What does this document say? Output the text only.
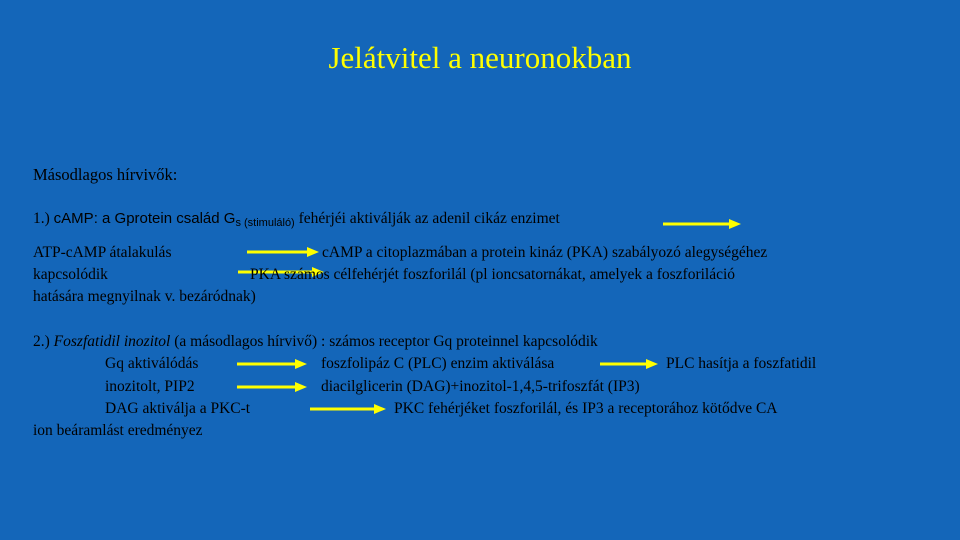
Jelátvitel a neuronokban
Másodlagos hírvivők:
1.) cAMP: a Gprotein család $G_{s (stimuláló)}$ fehérjéi aktiválják az adenil cikáz enzimet
ATP-cAMP átalakulás	cAMP a citoplazmában a protein kináz (PKA) szabályozó alegységéhez
kapcsolódik	PKA számos célfehérjét foszforilál (pl ioncsatornákat, amelyek a foszforiláció
hatására megnyilnak v. bezáródnak)
2.) Foszfatidil inozitol (a másodlagos hírvivő) : számos receptor Gq proteinnel kapcsolódik
Gq aktiválódás	foszfolipáz C (PLC) enzim aktiválása	PLC hasítja a foszfatidil
inozitolt, PIP2	diacilglicerin (DAG)+inozitol-1,4,5-trifoszfát (IP3)
DAG aktiválja a PKC-t	PKC fehérjéket foszforilál, és IP3 a receptorához kötődve CA
ion beáramlást eredményez
